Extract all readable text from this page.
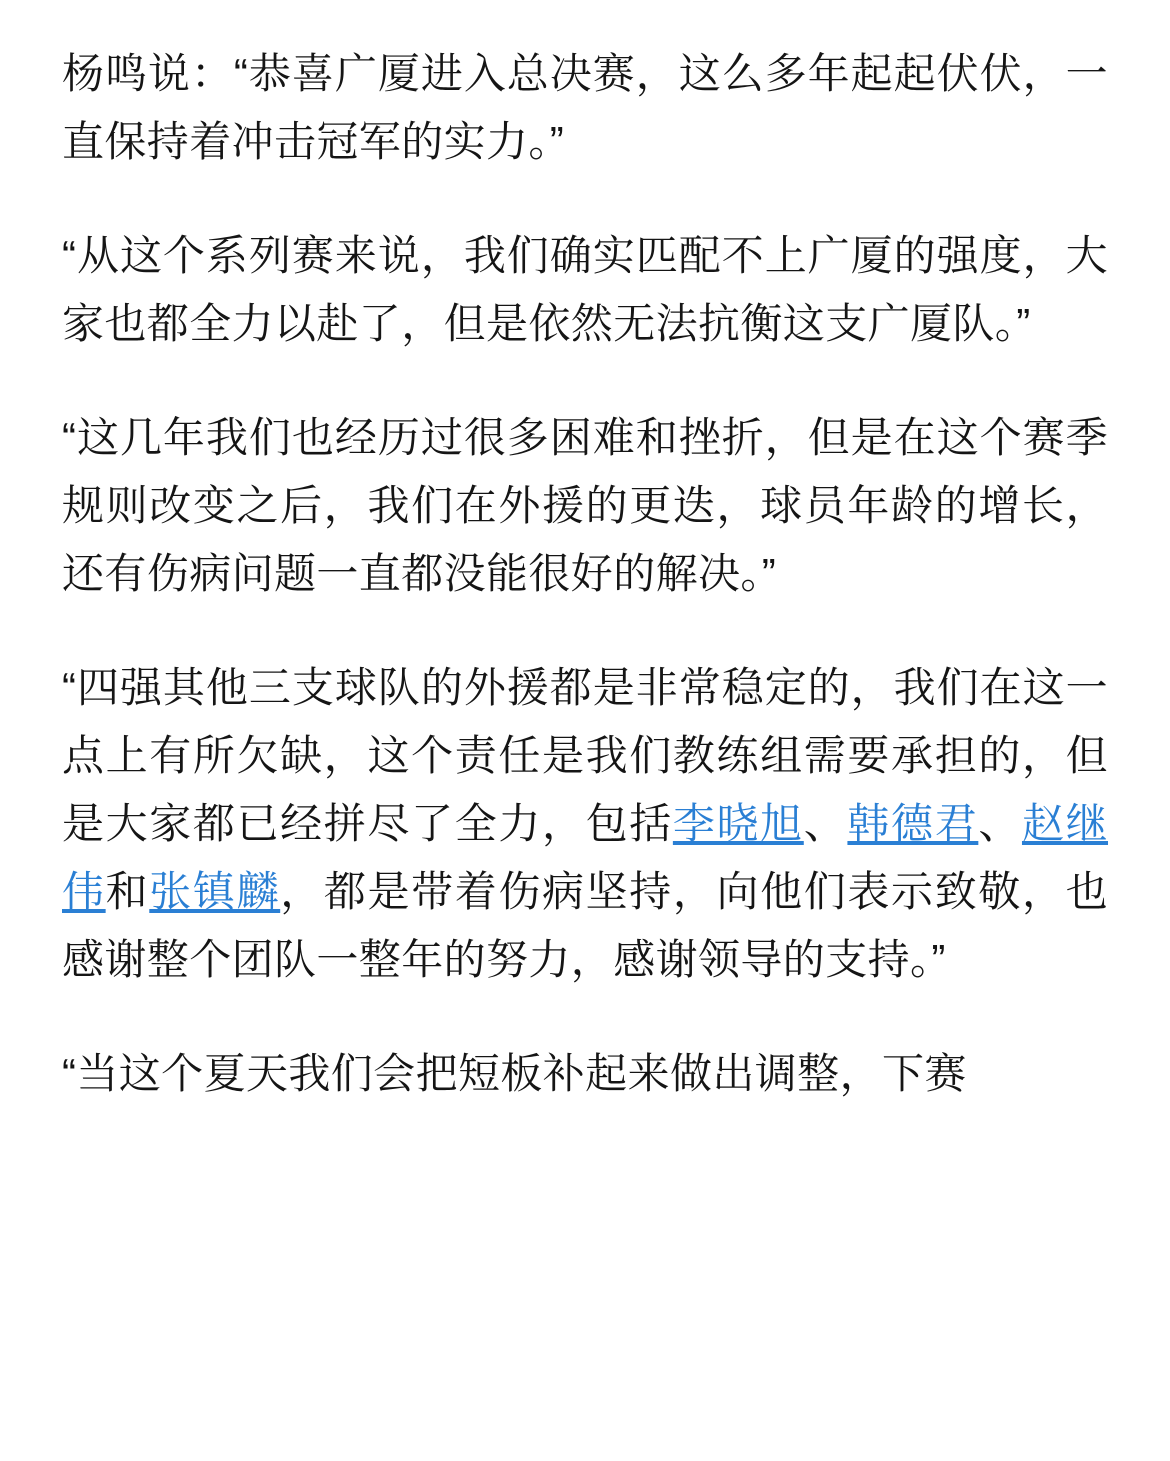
杨鸣说：“恭喜广厦进入总决赛，这么多年起起伏伏，一直保持着冲击冠军的实力。”

“从这个系列赛来说，我们确实匹配不上广厦的强度，大家也都全力以赴了，但是依然无法抗衡这支广厦队。”

“这几年我们也经历过很多困难和挫折，但是在这个赛季规则改变之后，我们在外援的更迭，球员年龄的增长，还有伤病问题一直都没能很好的解决。”

“四强其他三支球队的外援都是非常稳定的，我们在这一点上有所欠缺，这个责任是我们教练组需要承担的，但是大家都已经拼尽了全力，包括李晓旭、韩德君、赵继伟和张镇麟，都是带着伤病坚持，向他们表示致敬，也感谢整个团队一整年的努力，感谢领导的支持。”

“当这个夏天我们会把短板补起来做出调整，下赛
